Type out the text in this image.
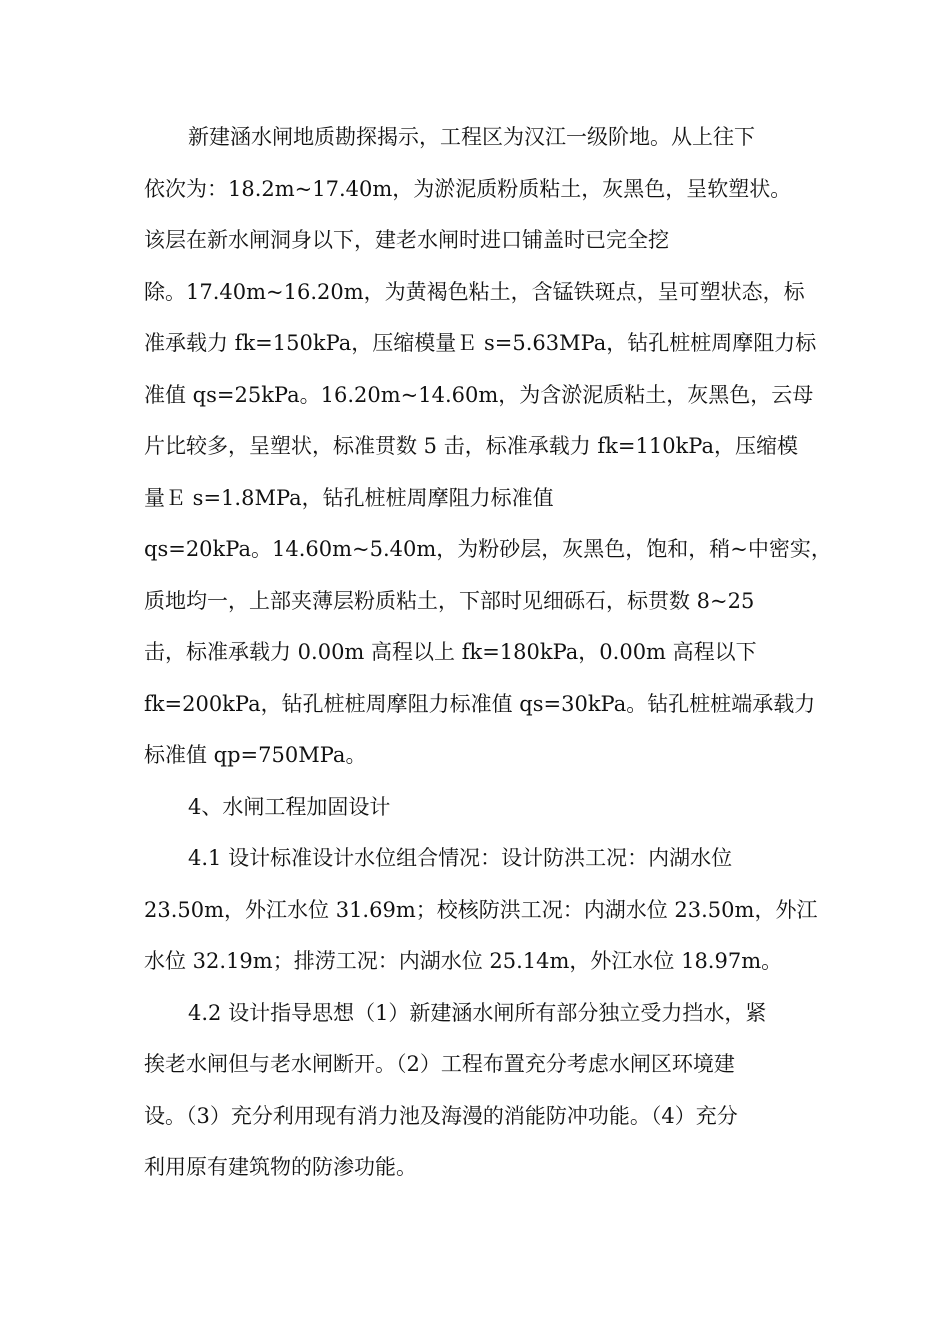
新建涵水闸地质勘探揭示，工程区为汉江一级阶地。从上往下
依次为：18.2m~17.40m，为淤泥质粉质粘土，灰黑色，呈软塑状。
该层在新水闸洞身以下，建老水闸时进口铺盖时已完全挖
除。17.40m~16.20m，为黄褐色粘土，含锰铁斑点，呈可塑状态，标
准承载力 fk=150kPa，压缩模量Ｅ s=5.63MPa，钻孔桩桩周摩阻力标
准值 qs=25kPa。16.20m~14.60m，为含淤泥质粘土，灰黑色，云母
片比较多，呈塑状，标准贯数 5 击，标准承载力 fk=110kPa，压缩模
量Ｅ s=1.8MPa，钻孔桩桩周摩阻力标准值
qs=20kPa。14.60m~5.40m，为粉砂层，灰黑色，饱和，稍~中密实，
质地均一，上部夹薄层粉质粘土，下部时见细砾石，标贯数 8~25
击，标准承载力 0.00m 高程以上 fk=180kPa，0.00m 高程以下
fk=200kPa，钻孔桩桩周摩阻力标准值 qs=30kPa。钻孔桩桩端承载力
标准值 qp=750MPa。
4、水闸工程加固设计
4.1 设计标准设计水位组合情况：设计防洪工况：内湖水位
23.50m，外江水位 31.69m；校核防洪工况：内湖水位 23.50m，外江
水位 32.19m；排涝工况：内湖水位 25.14m，外江水位 18.97m。
4.2 设计指导思想（1）新建涵水闸所有部分独立受力挡水，紧
挨老水闸但与老水闸断开。（2）工程布置充分考虑水闸区环境建
设。（3）充分利用现有消力池及海漫的消能防冲功能。（4）充分
利用原有建筑物的防渗功能。
